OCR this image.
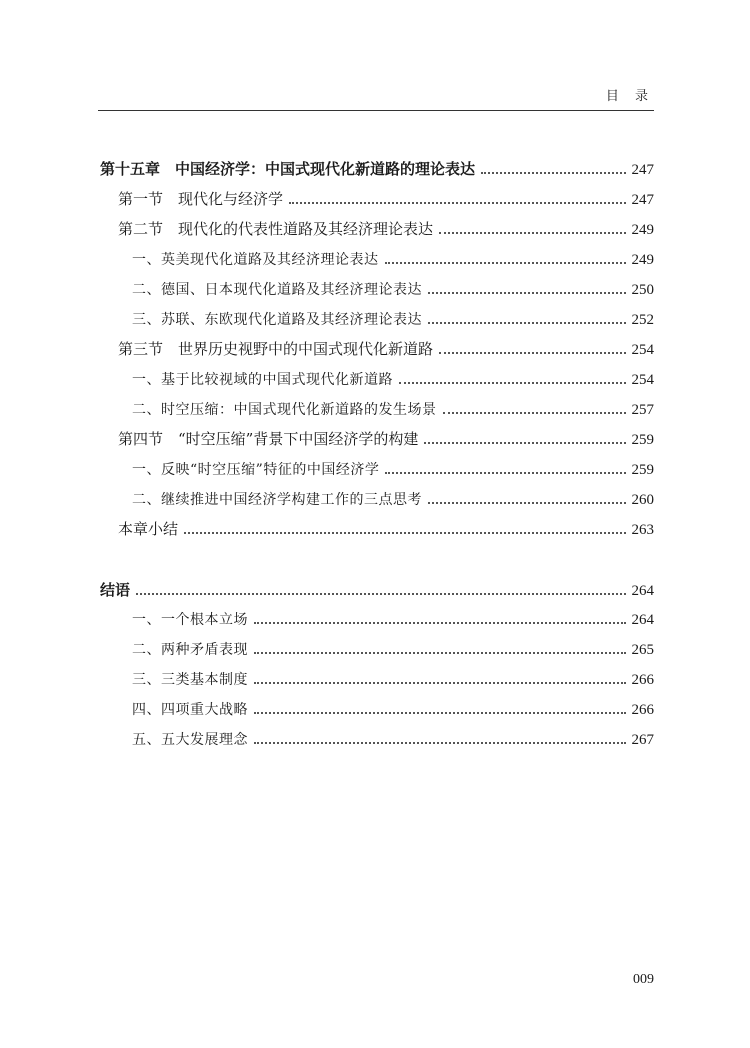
目 录
第十五章　中国经济学：中国式现代化新道路的理论表达	247
第一节　现代化与经济学	247
第二节　现代化的代表性道路及其经济理论表达	249
一、英美现代化道路及其经济理论表达	249
二、德国、日本现代化道路及其经济理论表达	250
三、苏联、东欧现代化道路及其经济理论表达	252
第三节　世界历史视野中的中国式现代化新道路	254
一、基于比较视域的中国式现代化新道路	254
二、时空压缩：中国式现代化新道路的发生场景	257
第四节　“时空压缩”背景下中国经济学的构建	259
一、反映“时空压缩”特征的中国经济学	259
二、继续推进中国经济学构建工作的三点思考	260
本章小结	263
结语	264
一、一个根本立场	264
二、两种矛盾表现	265
三、三类基本制度	266
四、四项重大战略	266
五、五大发展理念	267
009
